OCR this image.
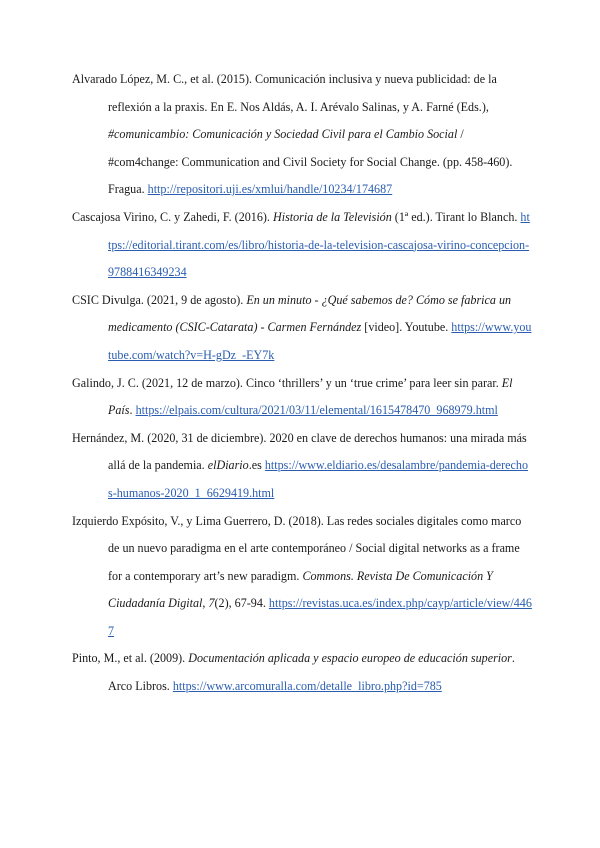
Alvarado López, M. C., et al. (2015). Comunicación inclusiva y nueva publicidad: de la reflexión a la praxis. En E. Nos Aldás, A. I. Arévalo Salinas, y A. Farné (Eds.), #comunicambio: Comunicación y Sociedad Civil para el Cambio Social / #com4change: Communication and Civil Society for Social Change. (pp. 458-460). Fragua. http://repositori.uji.es/xmlui/handle/10234/174687

Cascajosa Virino, C. y Zahedi, F. (2016). Historia de la Televisión (1ª ed.). Tirant lo Blanch. https://editorial.tirant.com/es/libro/historia-de-la-television-cascajosa-virino-concepcion-9788416349234

CSIC Divulga. (2021, 9 de agosto). En un minuto - ¿Qué sabemos de? Cómo se fabrica un medicamento (CSIC-Catarata) - Carmen Fernández [video]. Youtube. https://www.youtube.com/watch?v=H-gDz_-EY7k

Galindo, J. C. (2021, 12 de marzo). Cinco ‘thrillers’ y un ‘true crime’ para leer sin parar. El País. https://elpais.com/cultura/2021/03/11/elemental/1615478470_968979.html

Hernández, M. (2020, 31 de diciembre). 2020 en clave de derechos humanos: una mirada más allá de la pandemia. elDiario.es https://www.eldiario.es/desalambre/pandemia-derechos-humanos-2020_1_6629419.html

Izquierdo Expósito, V., y Lima Guerrero, D. (2018). Las redes sociales digitales como marco de un nuevo paradigma en el arte contemporáneo / Social digital networks as a frame for a contemporary art’s new paradigm. Commons. Revista De Comunicación Y Ciudadanía Digital, 7(2), 67-94. https://revistas.uca.es/index.php/cayp/article/view/4467

Pinto, M., et al. (2009). Documentación aplicada y espacio europeo de educación superior. Arco Libros. https://www.arcomuralla.com/detalle_libro.php?id=785
